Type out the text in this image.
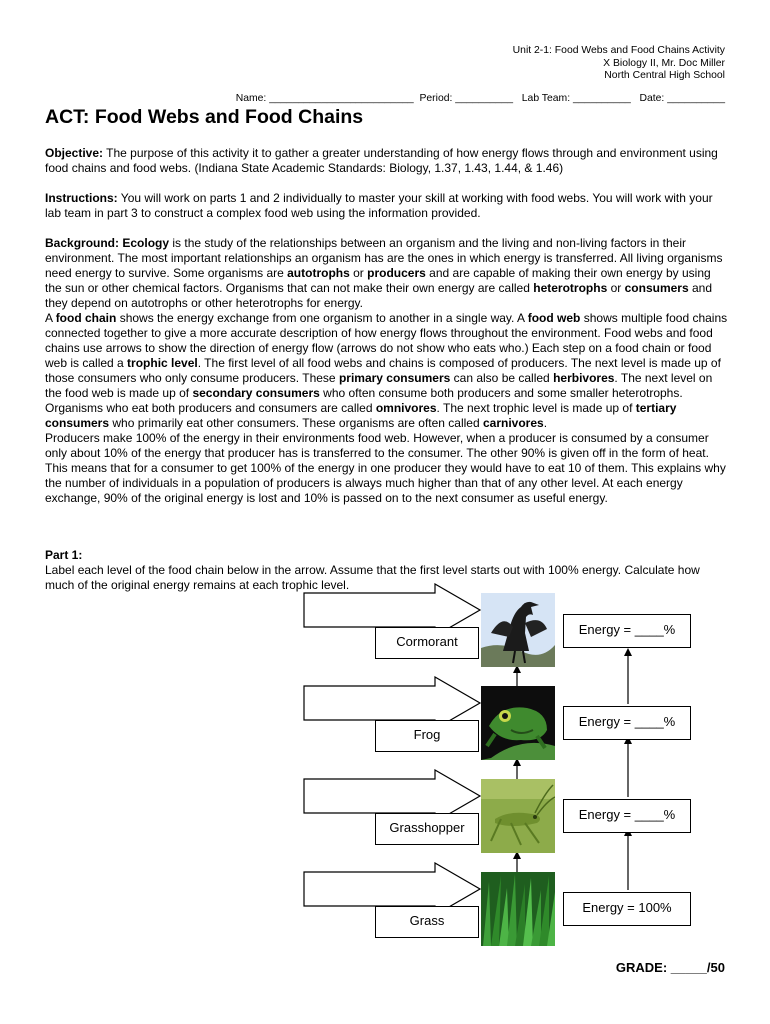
Unit 2-1: Food Webs and Food Chains Activity
X Biology II, Mr. Doc Miller
North Central High School
Name: _________________________ Period: __________ Lab Team: __________ Date: __________
ACT: Food Webs and Food Chains

Objective: The purpose of this activity it to gather a greater understanding of how energy flows through and environment using food chains and food webs. (Indiana State Academic Standards: Biology, 1.37, 1.43, 1.44, & 1.46)

Instructions: You will work on parts 1 and 2 individually to master your skill at working with food webs. You will work with your lab team in part 3 to construct a complex food web using the information provided.

Background: Ecology is the study of the relationships between an organism and the living and non-living factors in their environment. The most important relationships an organism has are the ones in which energy is transferred. All living organisms need energy to survive. Some organisms are autotrophs or producers and are capable of making their own energy by using the sun or other chemical factors. Organisms that can not make their own energy are called heterotrophs or consumers and they depend on autotrophs or other heterotrophs for energy.

A food chain shows the energy exchange from one organism to another in a single way. A food web shows multiple food chains connected together to give a more accurate description of how energy flows throughout the environment. Food webs and food chains use arrows to show the direction of energy flow (arrows do not show who eats who.) Each step on a food chain or food web is called a trophic level. The first level of all food webs and chains is composed of producers. The next level is made up of those consumers who only consume producers. These primary consumers can also be called herbivores. The next level on the food web is made up of secondary consumers who often consume both producers and some smaller heterotrophs. Organisms who eat both producers and consumers are called omnivores. The next trophic level is made up of tertiary consumers who primarily eat other consumers. These organisms are often called carnivores.

Producers make 100% of the energy in their environments food web. However, when a producer is consumed by a consumer only about 10% of the energy that producer has is transferred to the consumer. The other 90% is given off in the form of heat. This means that for a consumer to get 100% of the energy in one producer they would have to eat 10 of them. This explains why the number of individuals in a population of producers is always much higher than that of any other level. At each energy exchange, 90% of the original energy is lost and 10% is passed on to the next consumer as useful energy.

Part 1:

Label each level of the food chain below in the arrow. Assume that the first level starts out with 100% energy. Calculate how much of the original energy remains at each trophic level.

Cormorant
Frog
Grasshopper
Grass
Energy = ____%
Energy = ____%
Energy = ____%
Energy = 100%
GRADE: _____/50
